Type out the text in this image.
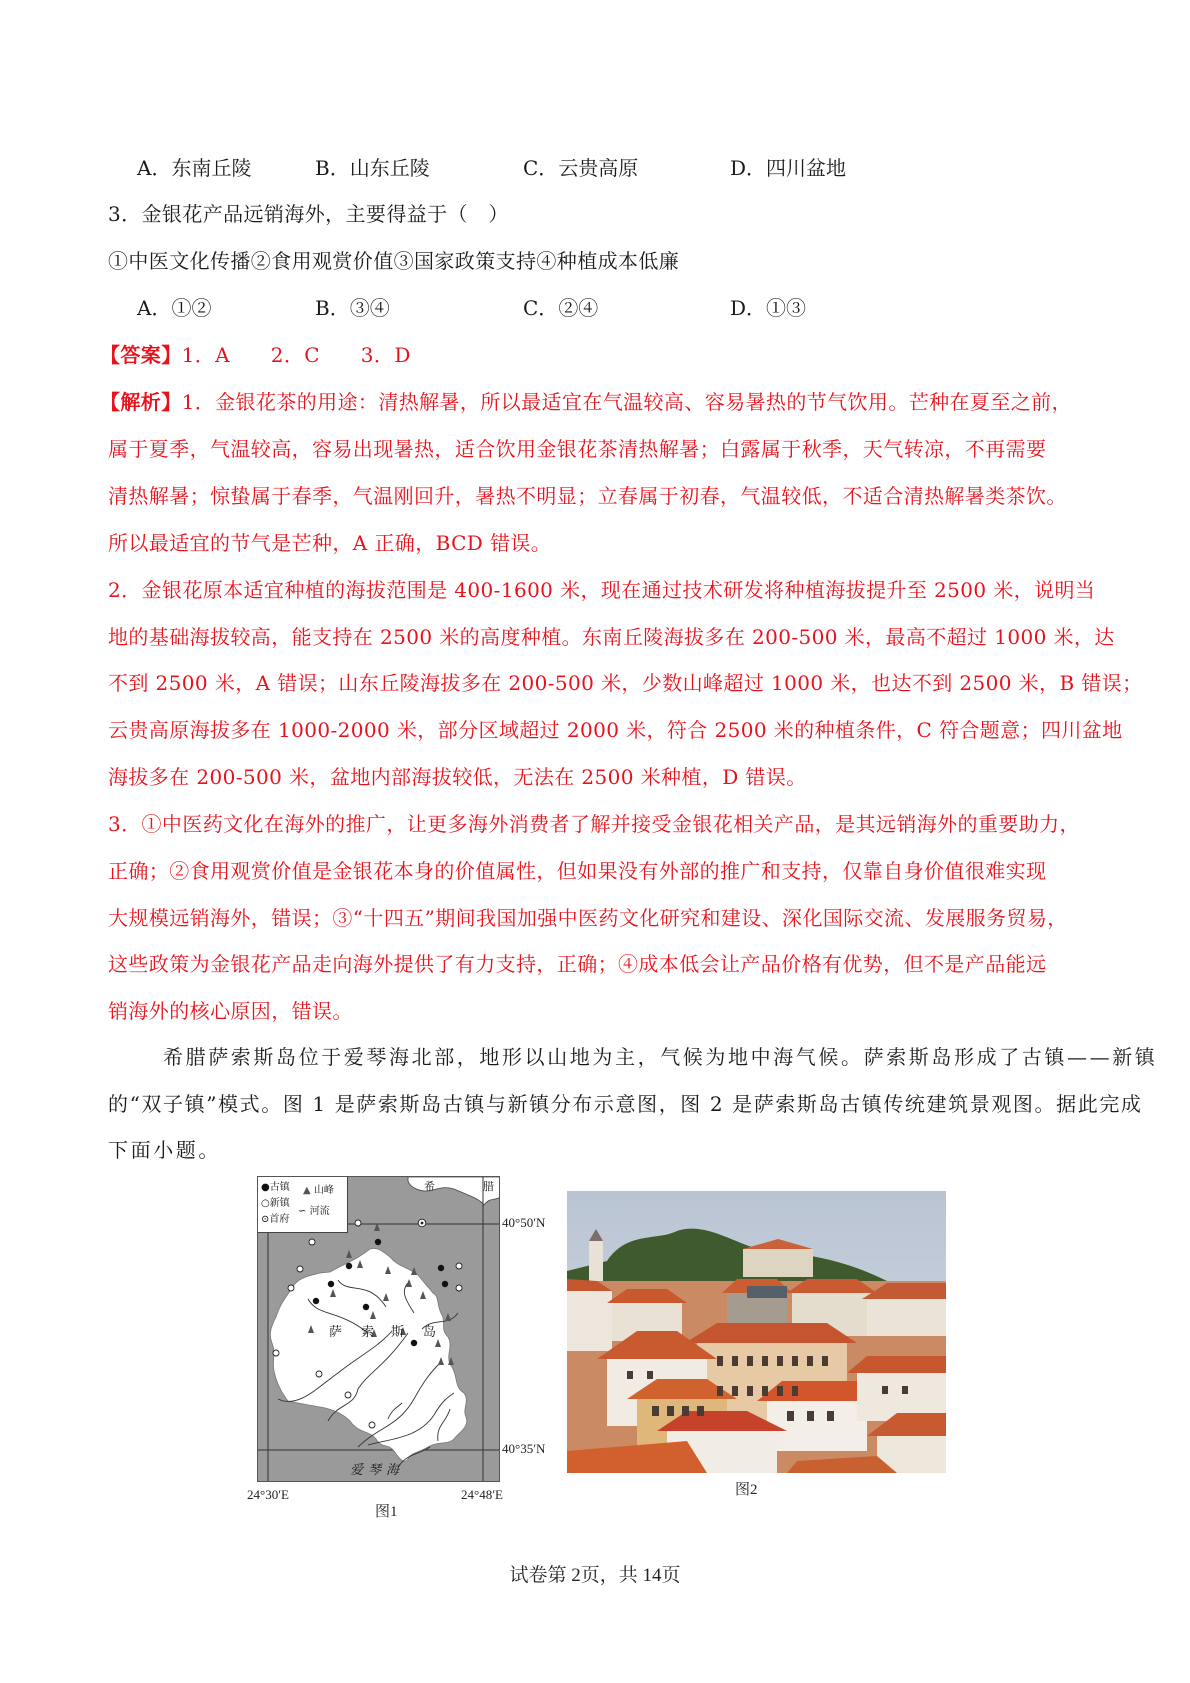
A．东南丘陵	B．山东丘陵	C．云贵高原	D．四川盆地
3．金银花产品远销海外，主要得益于（　）
①中医文化传播②食用观赏价值③国家政策支持④种植成本低廉
A．①②	B．③④	C．②④	D．①③
【答案】1．A　　2．C　　3．D
【解析】1．金银花茶的用途：清热解暑，所以最适宜在气温较高、容易暑热的节气饮用。芒种在夏至之前，
属于夏季，气温较高，容易出现暑热，适合饮用金银花茶清热解暑；白露属于秋季，天气转凉，不再需要
清热解暑；惊蛰属于春季，气温刚回升，暑热不明显；立春属于初春，气温较低，不适合清热解暑类茶饮。
所以最适宜的节气是芒种，A 正确，BCD 错误。
2．金银花原本适宜种植的海拔范围是 400-1600 米，现在通过技术研发将种植海拔提升至 2500 米，说明当
地的基础海拔较高，能支持在 2500 米的高度种植。东南丘陵海拔多在 200-500 米，最高不超过 1000 米，达
不到 2500 米，A 错误；山东丘陵海拔多在 200-500 米，少数山峰超过 1000 米，也达不到 2500 米，B 错误；
云贵高原海拔多在 1000-2000 米，部分区域超过 2000 米，符合 2500 米的种植条件，C 符合题意；四川盆地
海拔多在 200-500 米，盆地内部海拔较低，无法在 2500 米种植，D 错误。
3．①中医药文化在海外的推广，让更多海外消费者了解并接受金银花相关产品，是其远销海外的重要助力，
正确；②食用观赏价值是金银花本身的价值属性，但如果没有外部的推广和支持，仅靠自身价值很难实现
大规模远销海外，错误；③“十四五”期间我国加强中医药文化研究和建设、深化国际交流、发展服务贸易，
这些政策为金银花产品走向海外提供了有力支持，正确；④成本低会让产品价格有优势，但不是产品能远
销海外的核心原因，错误。
希腊萨索斯岛位于爱琴海北部，地形以山地为主，气候为地中海气候。萨索斯岛形成了古镇——新镇
的“双子镇”模式。图 1 是萨索斯岛古镇与新镇分布示意图，图 2 是萨索斯岛古镇传统建筑景观图。据此完成
下面小题。
●古镇
○新镇
⊙首府
▲ 山峰
∽ 河流
希	腊
萨 索 斯 岛
爱琴海
40°50′N
40°35′N
24°30′E	24°48′E
图1
图2
试卷第 2页，共 14页
